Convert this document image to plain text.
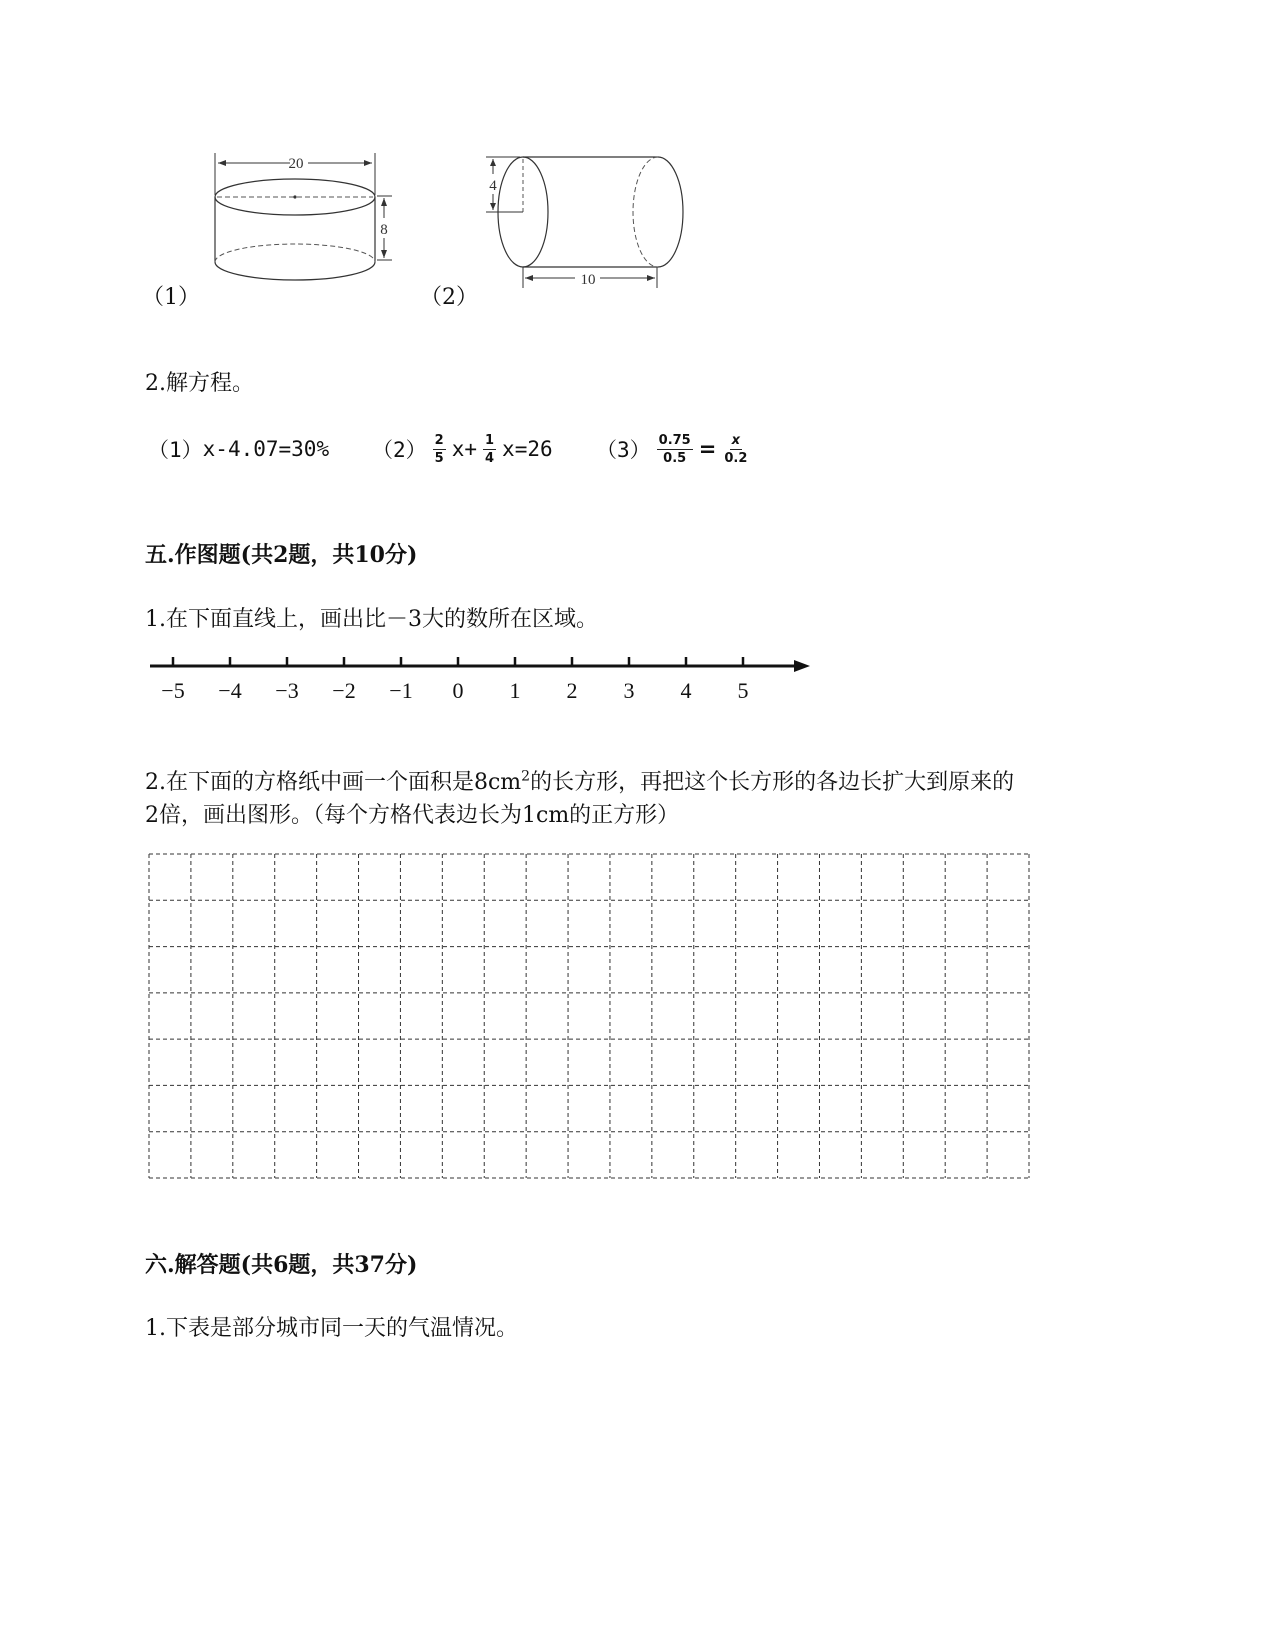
20
8
（1）
4
10
（2）
2.解方程。
（1） x-4.07=30% $(2) \frac{2}{5} x+ \frac{1}{4} x=26$ $(3) \frac{0.75}{0.5} = \frac{x}{0.2}$
五.作图题(共2题，共10分)
1.在下面直线上，画出比－3大的数所在区域。
−5 −4 −3 −2 −1 0 1 2 3 4 5
2.在下面的方格纸中画一个面积是$8cm^2$的长方形，再把这个长方形的各边长扩大到原来的
2倍，画出图形。（每个方格代表边长为1cm的正方形）
六.解答题(共6题，共37分)
1.下表是部分城市同一天的气温情况。
